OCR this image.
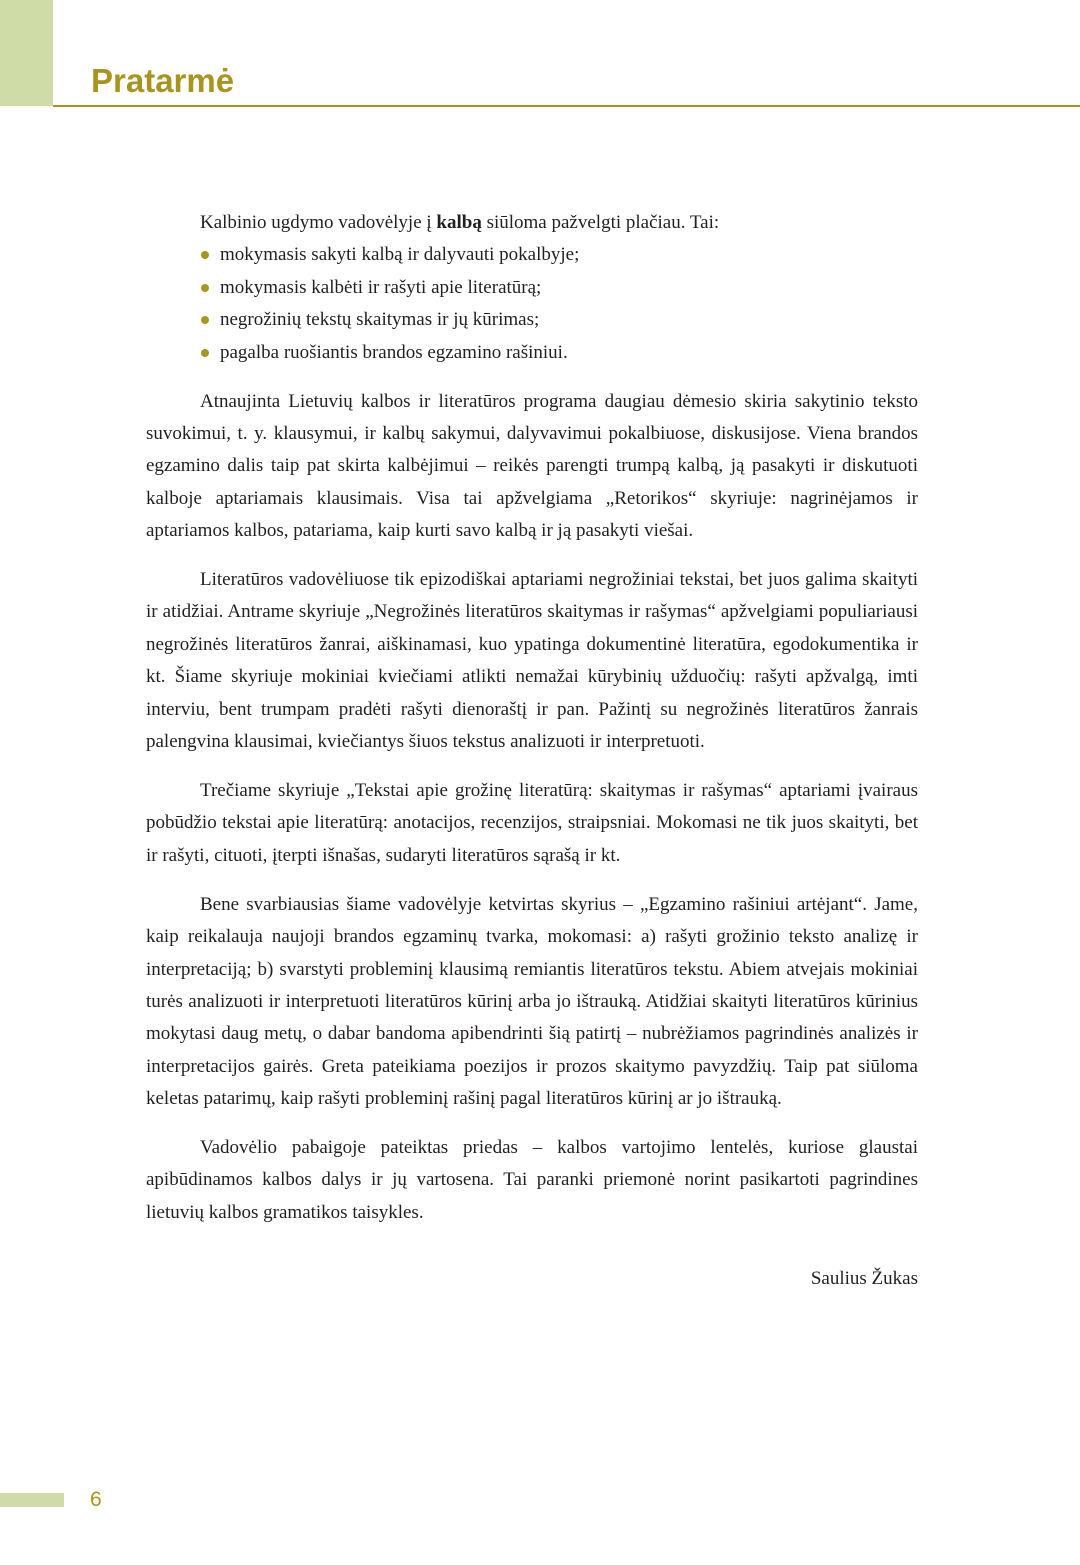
Pratarmė

Kalbinio ugdymo vadovėlyje į kalbą siūloma pažvelgti plačiau. Tai:

mokymasis sakyti kalbą ir dalyvauti pokalbyje;
mokymasis kalbėti ir rašyti apie literatūrą;
negrožinių tekstų skaitymas ir jų kūrimas;
pagalba ruošiantis brandos egzamino rašiniui.

Atnaujinta Lietuvių kalbos ir literatūros programa daugiau dėmesio skiria sakytinio teksto suvokimui, t. y. klausymui, ir kalbų sakymui, dalyvavimui pokalbiuose, diskusijose. Viena brandos egzamino dalis taip pat skirta kalbėjimui – reikės parengti trumpą kalbą, ją pasakyti ir diskutuoti kalboje aptariamais klausimais. Visa tai apžvelgiama „Retorikos“ skyriuje: nagrinėjamos ir aptariamos kalbos, patariama, kaip kurti savo kalbą ir ją pasakyti viešai.

Literatūros vadovėliuose tik epizodiškai aptariami negrožiniai tekstai, bet juos galima skaityti ir atidžiai. Antrame skyriuje „Negrožinės literatūros skaitymas ir rašymas“ apžvelgiami populiariausi negrožinės literatūros žanrai, aiškinamasi, kuo ypatinga dokumentinė literatūra, egodokumentika ir kt. Šiame skyriuje mokiniai kviečiami atlikti nemažai kūrybinių užduočių: rašyti apžvalgą, imti interviu, bent trumpam pradėti rašyti dienoraštį ir pan. Pažintį su negrožinės literatūros žanrais palengvina klausimai, kviečiantys šiuos tekstus analizuoti ir interpretuoti.

Trečiame skyriuje „Tekstai apie grožinę literatūrą: skaitymas ir rašymas“ aptariami įvairaus pobūdžio tekstai apie literatūrą: anotacijos, recenzijos, straipsniai. Mokomasi ne tik juos skaityti, bet ir rašyti, cituoti, įterpti išnašas, sudaryti literatūros sąrašą ir kt.

Bene svarbiausias šiame vadovėlyje ketvirtas skyrius – „Egzamino rašiniui artėjant“. Jame, kaip reikalauja naujoji brandos egzaminų tvarka, mokomasi: a) rašyti grožinio teksto analizę ir interpretaciją; b) svarstyti probleminį klausimą remiantis literatūros tekstu. Abiem atvejais mokiniai turės analizuoti ir interpretuoti literatūros kūrinį arba jo ištrauką. Atidžiai skaityti literatūros kūrinius mokytasi daug metų, o dabar bandoma apibendrinti šią patirtį – nubrėžiamos pagrindinės analizės ir interpretacijos gairės. Greta pateikiama poezijos ir prozos skaitymo pavyzdžių. Taip pat siūloma keletas patarimų, kaip rašyti probleminį rašinį pagal literatūros kūrinį ar jo ištrauką.

Vadovėlio pabaigoje pateiktas priedas – kalbos vartojimo lentelės, kuriose glaustai apibūdinamos kalbos dalys ir jų vartosena. Tai paranki priemonė norint pasikartoti pagrindines lietuvių kalbos gramatikos taisykles.

Saulius Žukas
6
